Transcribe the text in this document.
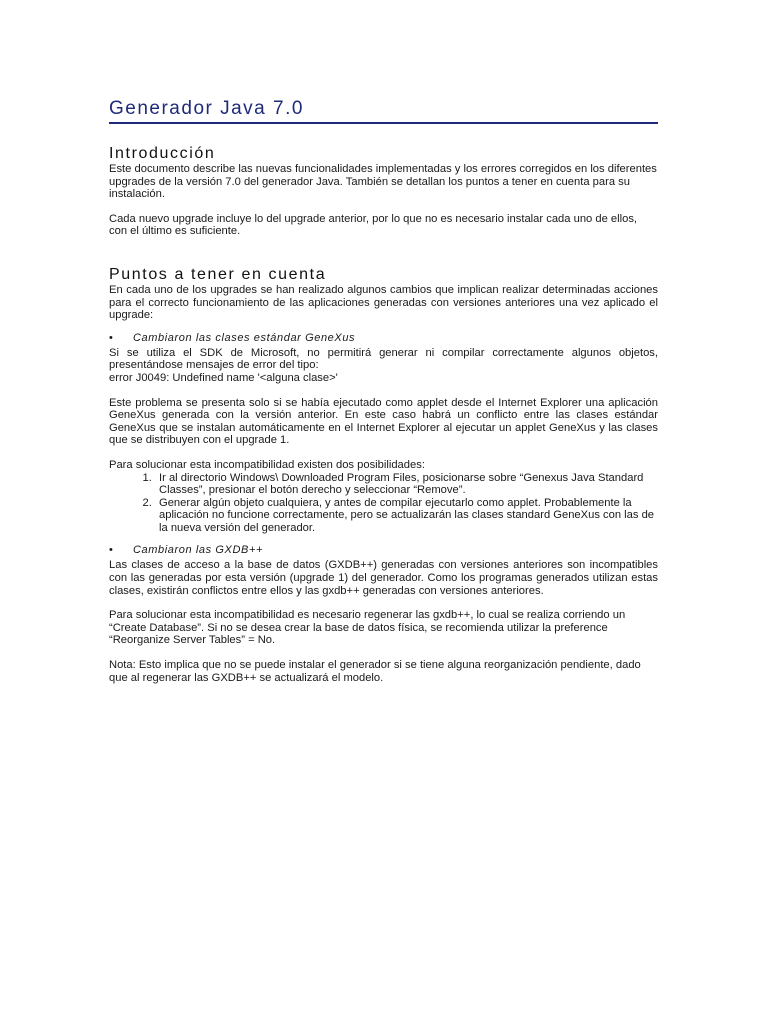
Generador Java 7.0
Introducción

Este documento describe las nuevas funcionalidades implementadas y los errores corregidos en los diferentes upgrades de la versión 7.0 del generador Java. También se detallan los puntos a tener en cuenta para su instalación.

Cada nuevo upgrade incluye lo del upgrade anterior, por lo que no es necesario instalar cada uno de ellos, con el último es suficiente.

Puntos a tener en cuenta

En cada uno de los upgrades se han realizado algunos cambios que implican realizar determinadas acciones para el correcto funcionamiento de las aplicaciones generadas con versiones anteriores una vez aplicado el upgrade:

•	Cambiaron las clases estándar GeneXus

Si se utiliza el SDK de Microsoft, no permitirá generar ni compilar correctamente algunos objetos, presentándose mensajes de error del tipo:

error J0049: Undefined name '<alguna clase>'

Este problema se presenta solo si se había ejecutado como applet desde el Internet Explorer una aplicación GeneXus generada con la versión anterior. En este caso habrá un conflicto entre las clases estándar GeneXus que se instalan automáticamente en el Internet Explorer al ejecutar un applet GeneXus y las clases que se distribuyen con el upgrade 1.

Para solucionar esta incompatibilidad existen dos posibilidades:

1. Ir al directorio Windows\ Downloaded Program Files, posicionarse sobre “Genexus Java Standard Classes”, presionar el botón derecho y seleccionar “Remove”.
2. Generar algún objeto cualquiera, y antes de compilar ejecutarlo como applet. Probablemente la aplicación no funcione correctamente, pero se actualizarán las clases standard GeneXus con las de la nueva versión del generador.
•	Cambiaron las GXDB++

Las clases de acceso a la base de datos (GXDB++) generadas con versiones anteriores son incompatibles con las generadas por esta versión (upgrade 1) del generador. Como los programas generados utilizan estas clases, existirán conflictos entre ellos y las gxdb++ generadas con versiones anteriores.

Para solucionar esta incompatibilidad es necesario regenerar las gxdb++, lo cual se realiza corriendo un “Create Database”. Si no se desea crear la base de datos física, se recomienda utilizar la preference “Reorganize Server Tables” = No.

Nota: Esto implica que no se puede instalar el generador si se tiene alguna reorganización pendiente, dado que al regenerar las GXDB++ se actualizará el modelo.
